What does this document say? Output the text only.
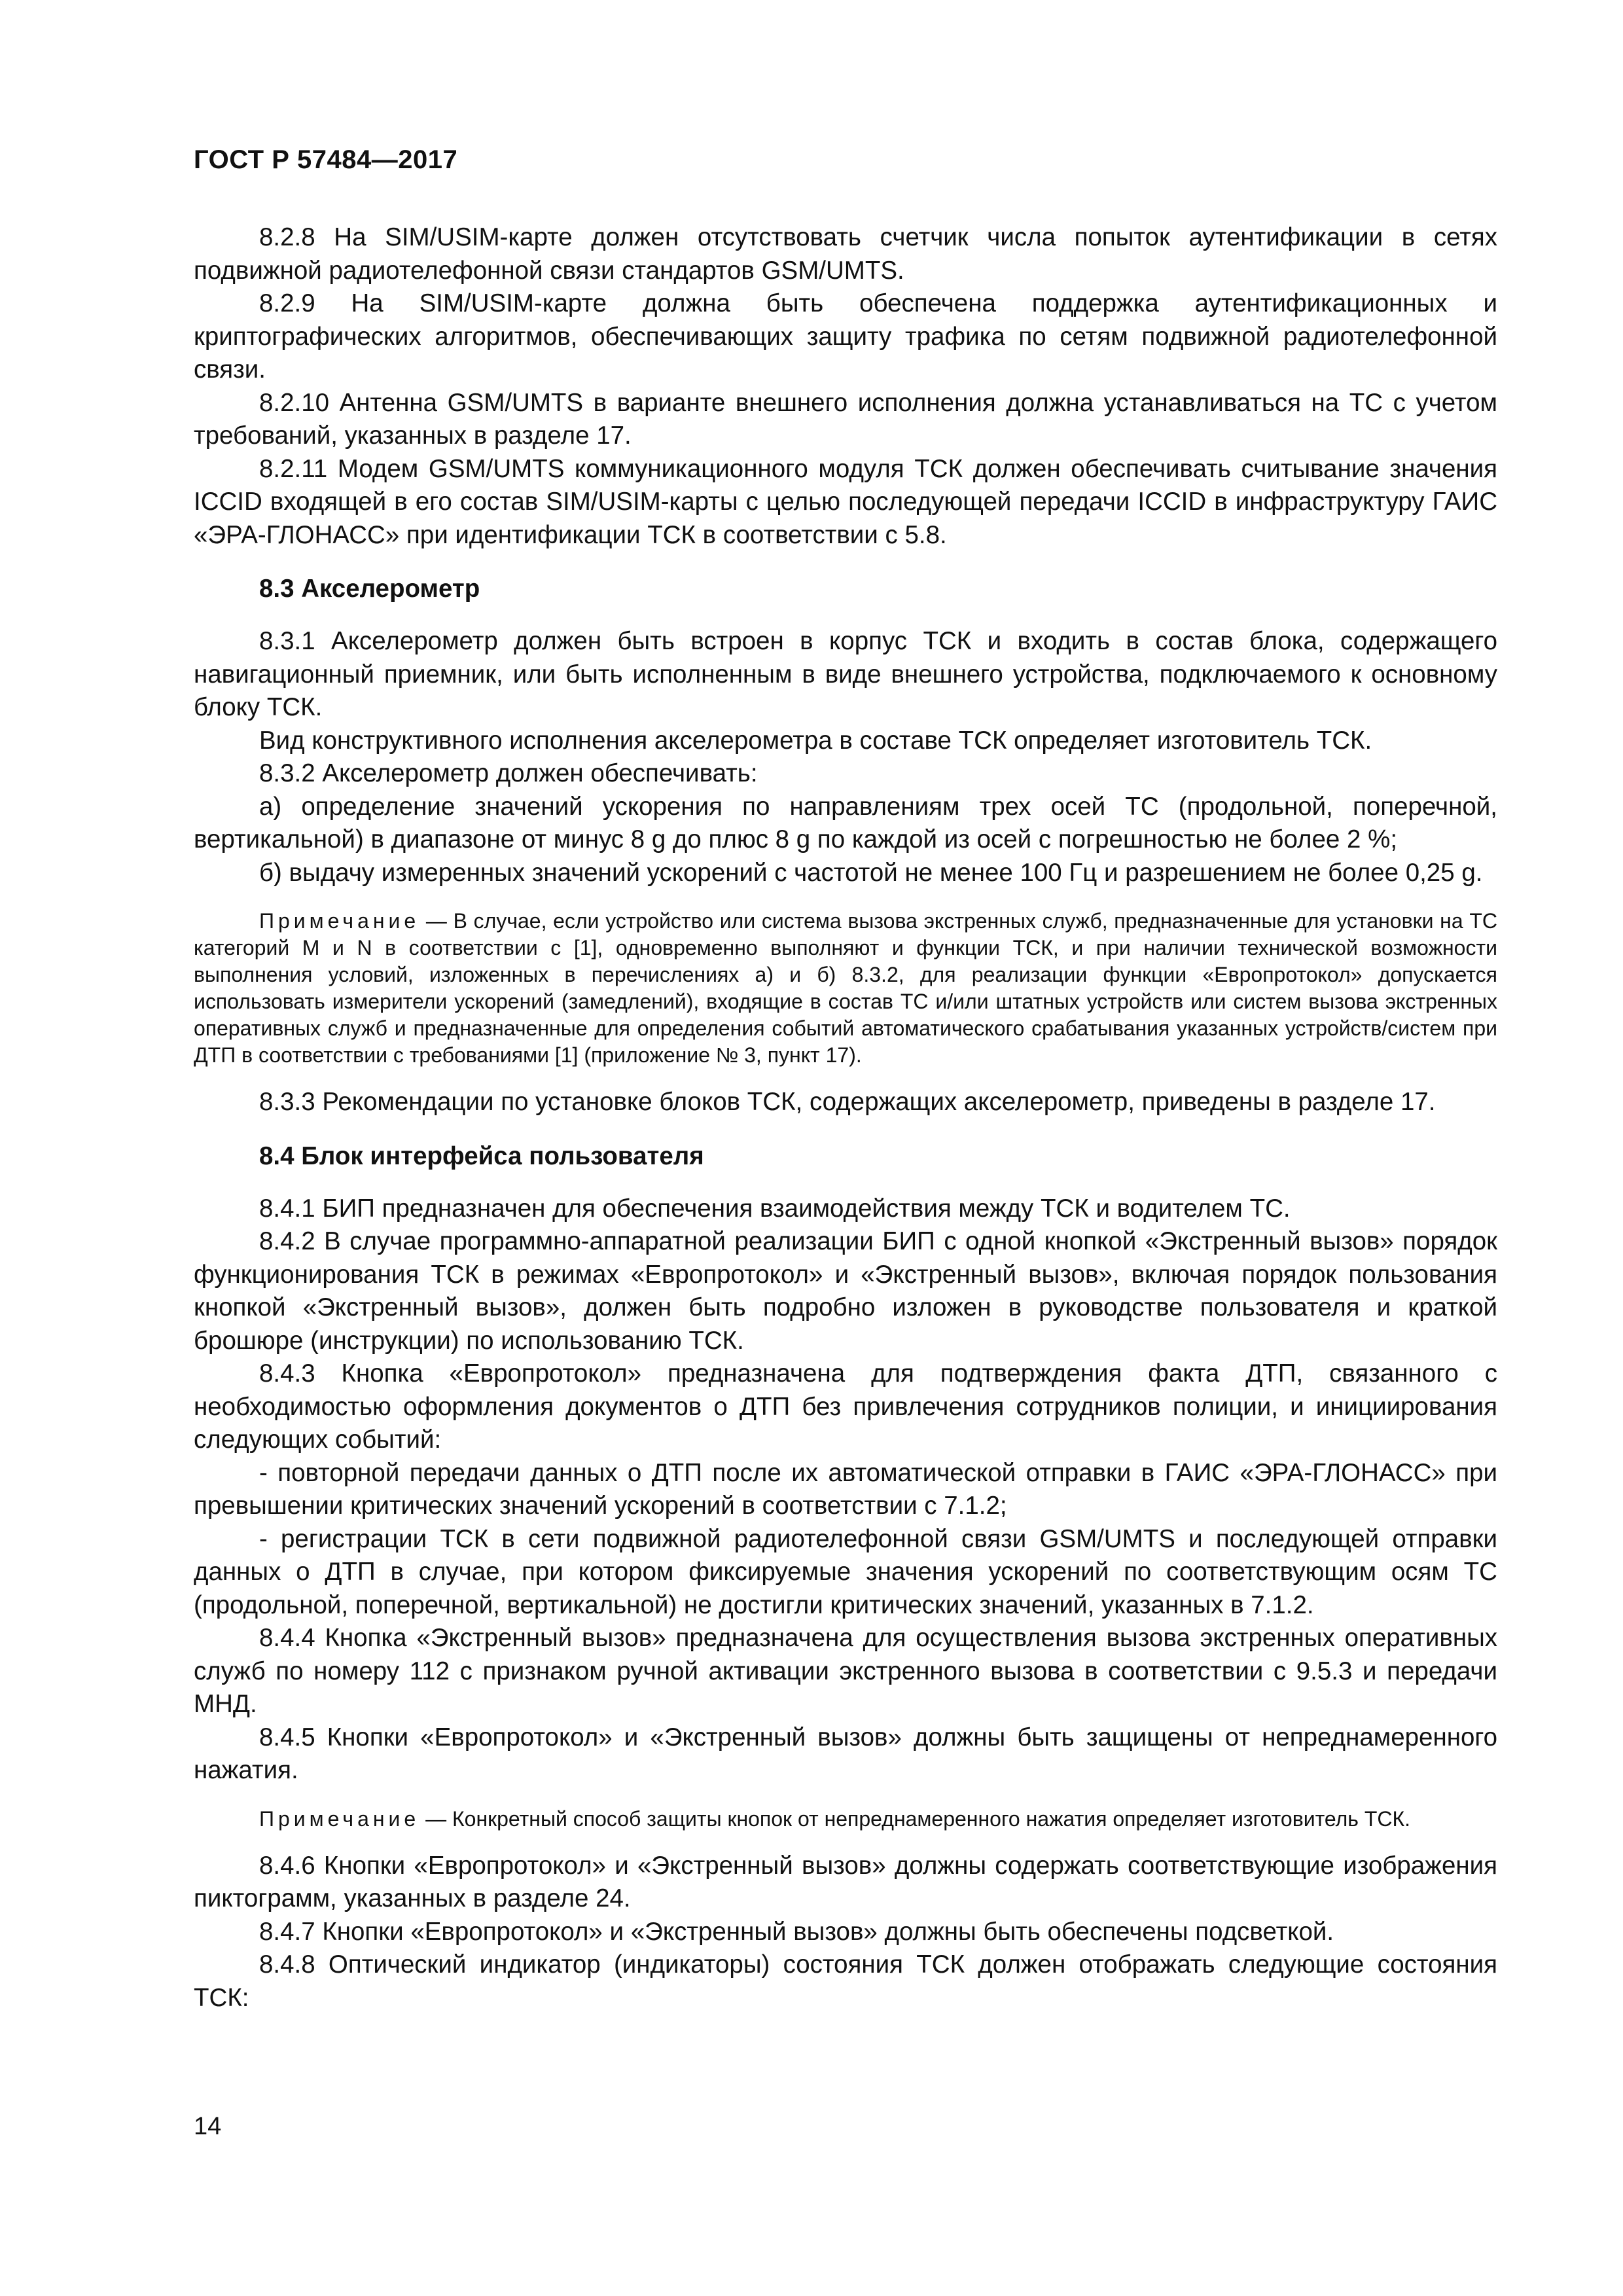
ГОСТ Р 57484—2017

8.2.8 На SIM/USIM-карте должен отсутствовать счетчик числа попыток аутентификации в сетях подвижной радиотелефонной связи стандартов GSM/UMTS.

8.2.9 На SIM/USIM-карте должна быть обеспечена поддержка аутентификационных и криптографических алгоритмов, обеспечивающих защиту трафика по сетям подвижной радиотелефонной связи.

8.2.10 Антенна GSM/UMTS в варианте внешнего исполнения должна устанавливаться на ТС с учетом требований, указанных в разделе 17.

8.2.11 Модем GSM/UMTS коммуникационного модуля ТСК должен обеспечивать считывание значения ICCID входящей в его состав SIM/USIM-карты с целью последующей передачи ICCID в инфраструктуру ГАИС «ЭРА-ГЛОНАСС» при идентификации ТСК в соответствии с 5.8.

8.3 Акселерометр

8.3.1 Акселерометр должен быть встроен в корпус ТСК и входить в состав блока, содержащего навигационный приемник, или быть исполненным в виде внешнего устройства, подключаемого к основному блоку ТСК.

Вид конструктивного исполнения акселерометра в составе ТСК определяет изготовитель ТСК.

8.3.2 Акселерометр должен обеспечивать:

а) определение значений ускорения по направлениям трех осей ТС (продольной, поперечной, вертикальной) в диапазоне от минус 8 g до плюс 8 g по каждой из осей с погрешностью не более 2 %;

б) выдачу измеренных значений ускорений с частотой не менее 100 Гц и разрешением не более 0,25 g.

Примечание — В случае, если устройство или система вызова экстренных служб, предназначенные для установки на ТС категорий М и N в соответствии с [1], одновременно выполняют и функции ТСК, и при наличии технической возможности выполнения условий, изложенных в перечислениях а) и б) 8.3.2, для реализации функции «Европротокол» допускается использовать измерители ускорений (замедлений), входящие в состав ТС и/или штатных устройств или систем вызова экстренных оперативных служб и предназначенные для определения событий автоматического срабатывания указанных устройств/систем при ДТП в соответствии с требованиями [1] (приложение № 3, пункт 17).

8.3.3 Рекомендации по установке блоков ТСК, содержащих акселерометр, приведены в разделе 17.

8.4 Блок интерфейса пользователя

8.4.1 БИП предназначен для обеспечения взаимодействия между ТСК и водителем ТС.

8.4.2 В случае программно-аппаратной реализации БИП с одной кнопкой «Экстренный вызов» порядок функционирования ТСК в режимах «Европротокол» и «Экстренный вызов», включая порядок пользования кнопкой «Экстренный вызов», должен быть подробно изложен в руководстве пользователя и краткой брошюре (инструкции) по использованию ТСК.

8.4.3 Кнопка «Европротокол» предназначена для подтверждения факта ДТП, связанного с необходимостью оформления документов о ДТП без привлечения сотрудников полиции, и инициирования следующих событий:

- повторной передачи данных о ДТП после их автоматической отправки в ГАИС «ЭРА-ГЛОНАСС» при превышении критических значений ускорений в соответствии с 7.1.2;

- регистрации ТСК в сети подвижной радиотелефонной связи GSM/UMTS и последующей отправки данных о ДТП в случае, при котором фиксируемые значения ускорений по соответствующим осям ТС (продольной, поперечной, вертикальной) не достигли критических значений, указанных в 7.1.2.

8.4.4 Кнопка «Экстренный вызов» предназначена для осуществления вызова экстренных оперативных служб по номеру 112 с признаком ручной активации экстренного вызова в соответствии с 9.5.3 и передачи МНД.

8.4.5 Кнопки «Европротокол» и «Экстренный вызов» должны быть защищены от непреднамеренного нажатия.

Примечание — Конкретный способ защиты кнопок от непреднамеренного нажатия определяет изготовитель ТСК.

8.4.6 Кнопки «Европротокол» и «Экстренный вызов» должны содержать соответствующие изображения пиктограмм, указанных в разделе 24.

8.4.7 Кнопки «Европротокол» и «Экстренный вызов» должны быть обеспечены подсветкой.

8.4.8 Оптический индикатор (индикаторы) состояния ТСК должен отображать следующие состояния ТСК:

14
